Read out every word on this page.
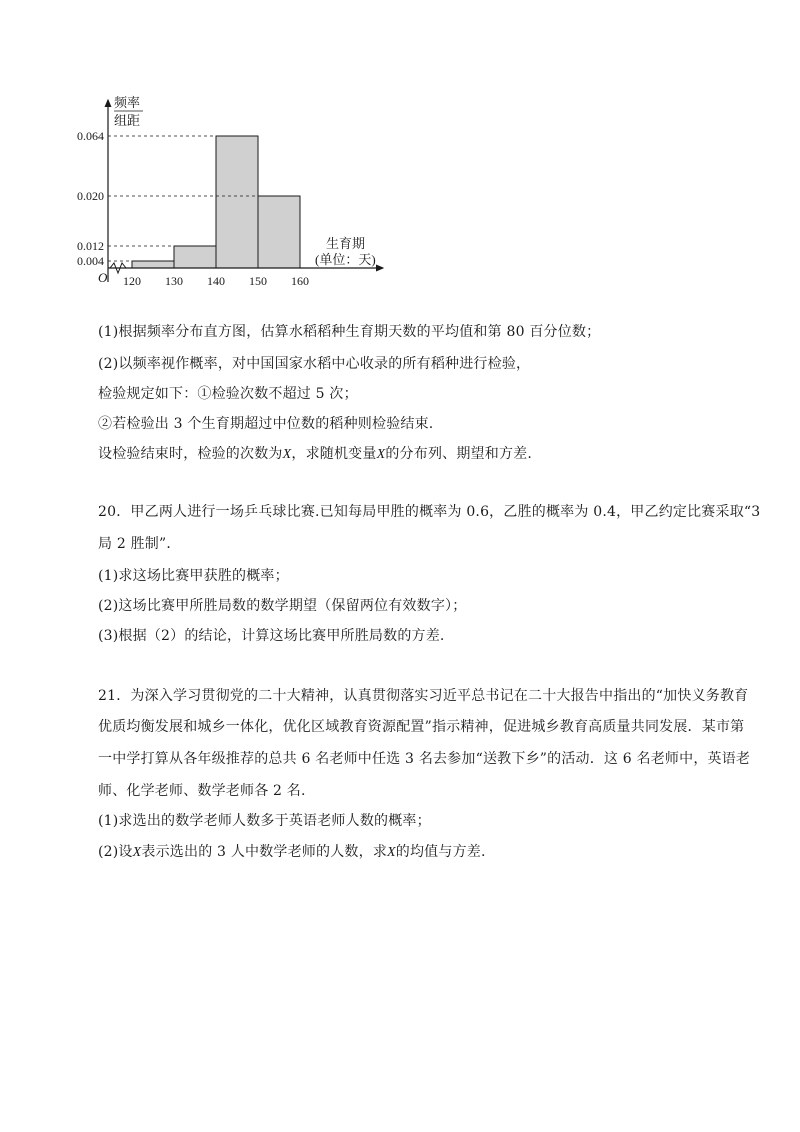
O
频率
组距
生育期
(单位：天)
0.004
0.012
0.020
0.064
120 130 140 150 160
(1)根据频率分布直方图，估算水稻稻种生育期天数的平均值和第 80 百分位数；
(2)以频率视作概率，对中国国家水稻中心收录的所有稻种进行检验，
检验规定如下：①检验次数不超过 5 次；
②若检验出 3 个生育期超过中位数的稻种则检验结束.
设检验结束时，检验的次数为X，求随机变量X的分布列、期望和方差.
20．甲乙两人进行一场乒乓球比赛.已知每局甲胜的概率为 0.6，乙胜的概率为 0.4，甲乙约定比赛采取“3
局 2 胜制”．
(1)求这场比赛甲获胜的概率；
(2)这场比赛甲所胜局数的数学期望（保留两位有效数字）；
(3)根据（2）的结论，计算这场比赛甲所胜局数的方差.
21．为深入学习贯彻党的二十大精神，认真贯彻落实习近平总书记在二十大报告中指出的“加快义务教育
优质均衡发展和城乡一体化，优化区域教育资源配置”指示精神，促进城乡教育高质量共同发展．某市第
一中学打算从各年级推荐的总共 6 名老师中任选 3 名去参加“送教下乡”的活动．这 6 名老师中，英语老
师、化学老师、数学老师各 2 名.
(1)求选出的数学老师人数多于英语老师人数的概率；
(2)设X表示选出的 3 人中数学老师的人数，求X的均值与方差.
